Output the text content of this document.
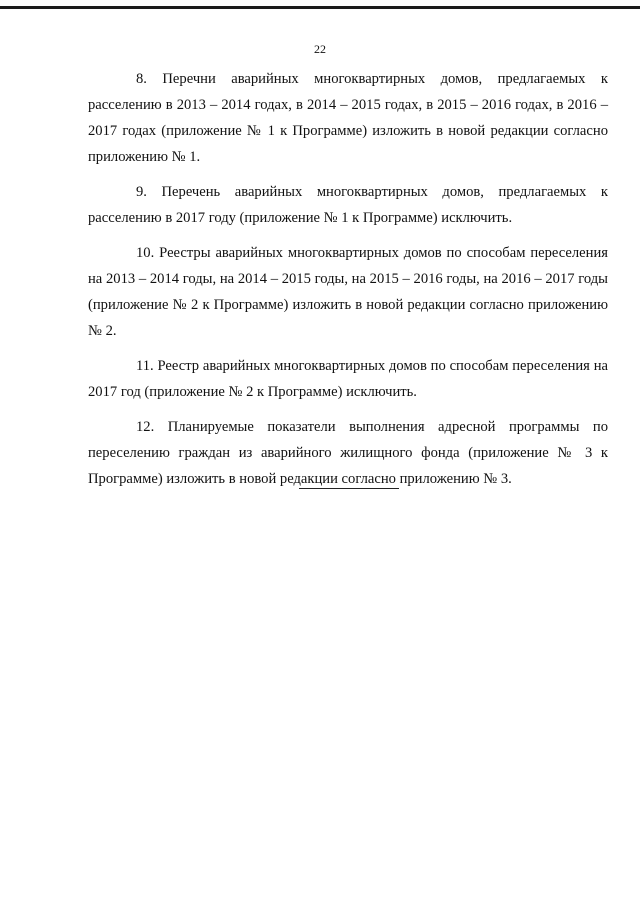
22

8. Перечни аварийных многоквартирных домов, предлагаемых к расселению в 2013 – 2014 годах, в 2014 – 2015 годах, в 2015 – 2016 годах, в 2016 – 2017 годах (приложение № 1 к Программе) изложить в новой редакции согласно приложению № 1.

9. Перечень аварийных многоквартирных домов, предлагаемых к расселению в 2017 году (приложение № 1 к Программе) исключить.

10. Реестры аварийных многоквартирных домов по способам переселения на 2013 – 2014 годы, на 2014 – 2015 годы, на 2015 – 2016 годы, на 2016 – 2017 годы (приложение № 2 к Программе) изложить в новой редакции согласно приложению № 2.

11. Реестр аварийных многоквартирных домов по способам переселения на 2017 год (приложение № 2 к Программе) исключить.

12. Планируемые показатели выполнения адресной программы по переселению граждан из аварийного жилищного фонда (приложение № 3 к Программе) изложить в новой редакции согласно приложению № 3.
